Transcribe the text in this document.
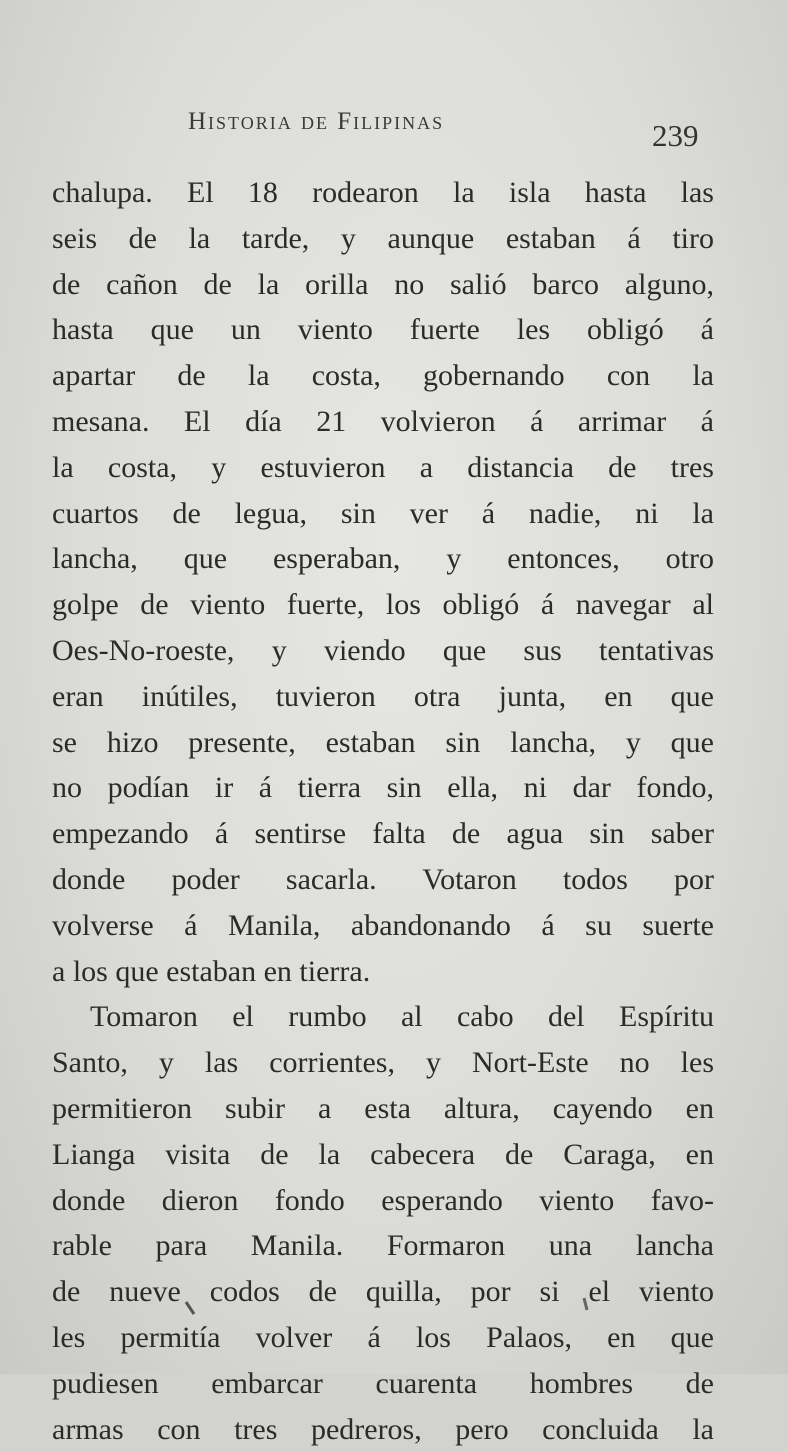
Historia de Filipinas	239
chalupa. El 18 rodearon la isla hasta las
seis de la tarde, y aunque estaban á tiro
de cañon de la orilla no salió barco alguno,
hasta que un viento fuerte les obligó á
apartar de la costa, gobernando con la
mesana. El día 21 volvieron á arrimar á
la costa, y estuvieron a distancia de tres
cuartos de legua, sin ver á nadie, ni la
lancha, que esperaban, y entonces, otro
golpe de viento fuerte, los obligó á navegar al
Oes-No-roeste, y viendo que sus tentativas
eran inútiles, tuvieron otra junta, en que
se hizo presente, estaban sin lancha, y que
no podían ir á tierra sin ella, ni dar fondo,
empezando á sentirse falta de agua sin saber
donde poder sacarla. Votaron todos por
volverse á Manila, abandonando á su suerte
a los que estaban en tierra.
Tomaron el rumbo al cabo del Espíritu
Santo, y las corrientes, y Nort-Este no les
permitieron subir a esta altura, cayendo en
Lianga visita de la cabecera de Caraga, en
donde dieron fondo esperando viento favo-
rable para Manila. Formaron una lancha
de nueve codos de quilla, por si el viento
les permitía volver á los Palaos, en que
pudiesen embarcar cuarenta hombres de
armas con tres pedreros, pero concluida la
